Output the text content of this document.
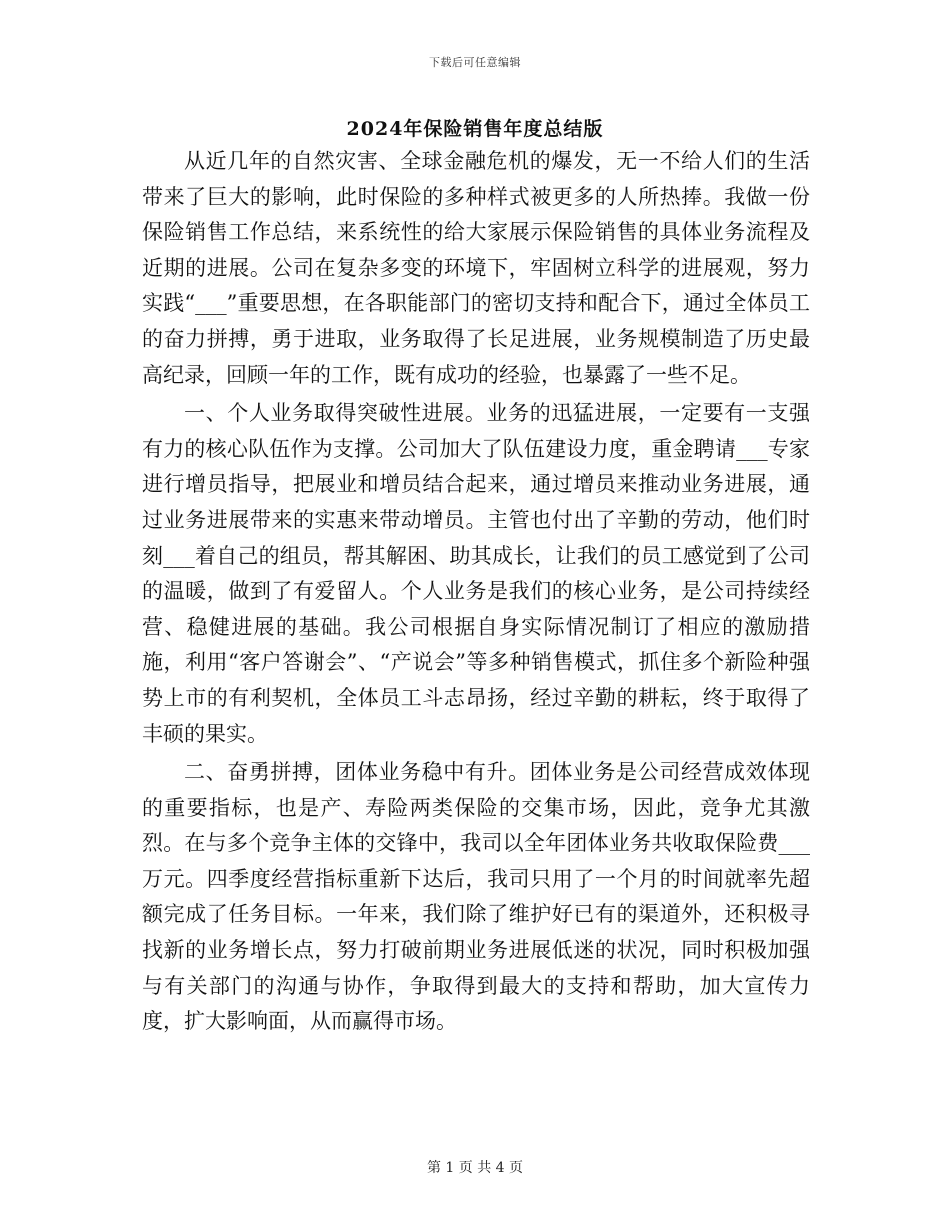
下载后可任意编辑
2024年保险销售年度总结版

从近几年的自然灾害、全球金融危机的爆发，无一不给人们的生活带来了巨大的影响，此时保险的多种样式被更多的人所热捧。我做一份保险销售工作总结，来系统性的给大家展示保险销售的具体业务流程及近期的进展。公司在复杂多变的环境下，牢固树立科学的进展观，努力实践“___”重要思想，在各职能部门的密切支持和配合下，通过全体员工的奋力拼搏，勇于进取，业务取得了长足进展，业务规模制造了历史最高纪录，回顾一年的工作，既有成功的经验，也暴露了一些不足。

一、个人业务取得突破性进展。业务的迅猛进展，一定要有一支强有力的核心队伍作为支撑。公司加大了队伍建设力度，重金聘请___专家进行增员指导，把展业和增员结合起来，通过增员来推动业务进展，通过业务进展带来的实惠来带动增员。主管也付出了辛勤的劳动，他们时刻___着自己的组员，帮其解困、助其成长，让我们的员工感觉到了公司的温暖，做到了有爱留人。个人业务是我们的核心业务，是公司持续经营、稳健进展的基础。我公司根据自身实际情况制订了相应的激励措施，利用“客户答谢会”、“产说会”等多种销售模式，抓住多个新险种强势上市的有利契机，全体员工斗志昂扬，经过辛勤的耕耘，终于取得了丰硕的果实。

二、奋勇拼搏，团体业务稳中有升。团体业务是公司经营成效体现的重要指标，也是产、寿险两类保险的交集市场，因此，竞争尤其激烈。在与多个竞争主体的交锋中，我司以全年团体业务共收取保险费___万元。四季度经营指标重新下达后，我司只用了一个月的时间就率先超额完成了任务目标。一年来，我们除了维护好已有的渠道外，还积极寻找新的业务增长点，努力打破前期业务进展低迷的状况，同时积极加强与有关部门的沟通与协作，争取得到最大的支持和帮助，加大宣传力度，扩大影响面，从而赢得市场。

第 1 页 共 4 页
